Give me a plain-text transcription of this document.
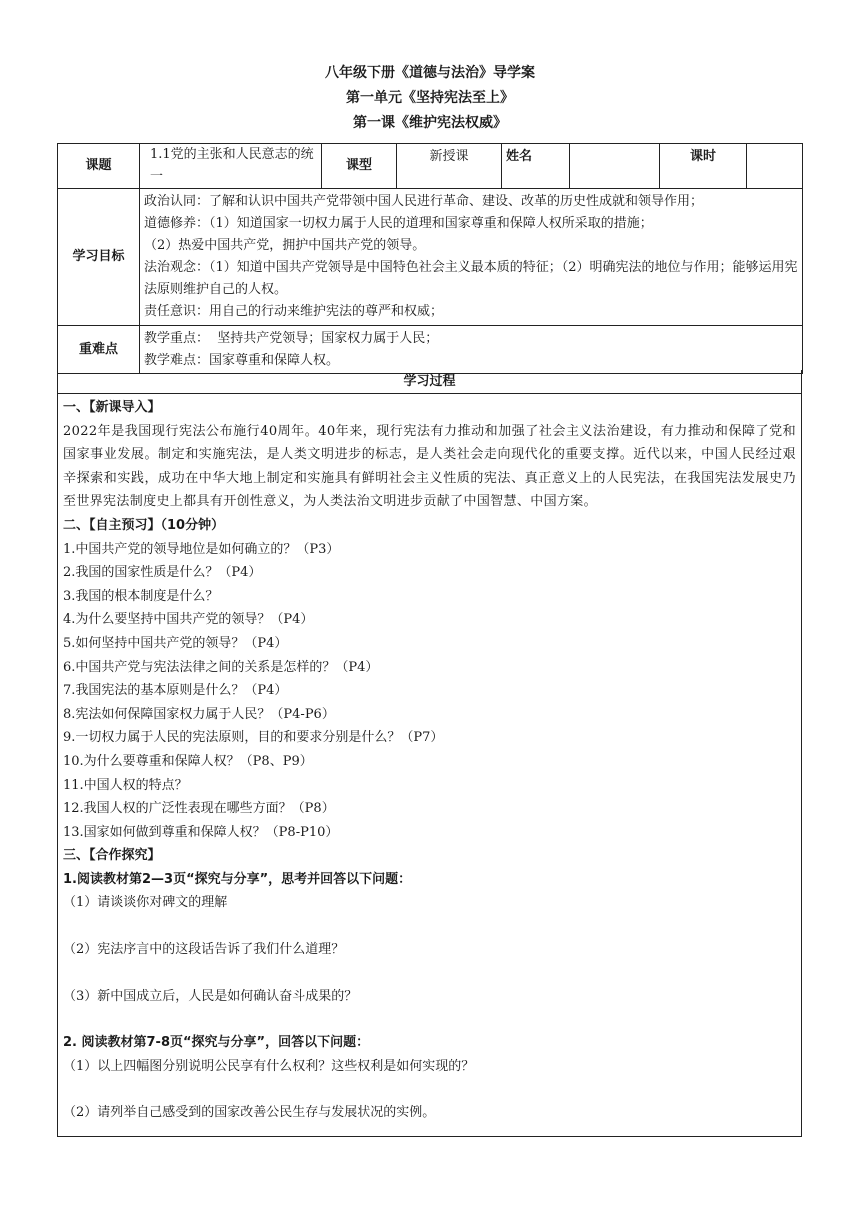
八年级下册《道德与法治》导学案
第一单元《坚持宪法至上》
第一课《维护宪法权威》
课题	1.1党的主张和人民意志的统一	课型	新授课	姓名		课时	
学习目标	政治认同：了解和认识中国共产党带领中国人民进行革命、建设、改革的历史性成就和领导作用；
道德修养：（1）知道国家一切权力属于人民的道理和国家尊重和保障人权所采取的措施；
（2）热爱中国共产党，拥护中国共产党的领导。
法治观念：（1）知道中国共产党领导是中国特色社会主义最本质的特征；（2）明确宪法的地位与作用；能够运用宪法原则维护自己的人权。
责任意识：用自己的行动来维护宪法的尊严和权威；						

重难点	教学重点：  坚持共产党领导；国家权力属于人民；
教学难点：国家尊重和保障人权。						
学习过程
一、【新课导入】
2022年是我国现行宪法公布施行40周年。40年来，现行宪法有力推动和加强了社会主义法治建设，有力推动和保障了党和国家事业发展。制定和实施宪法，是人类文明进步的标志，是人类社会走向现代化的重要支撑。近代以来，中国人民经过艰辛探索和实践，成功在中华大地上制定和实施具有鲜明社会主义性质的宪法、真正意义上的人民宪法，在我国宪法发展史乃至世界宪法制度史上都具有开创性意义，为人类法治文明进步贡献了中国智慧、中国方案。
二、【自主预习】（10分钟）
1.中国共产党的领导地位是如何确立的？（P3）
2.我国的国家性质是什么？（P4）
3.我国的根本制度是什么？
4.为什么要坚持中国共产党的领导？（P4）
5.如何坚持中国共产党的领导？（P4）
6.中国共产党与宪法法律之间的关系是怎样的？（P4）
7.我国宪法的基本原则是什么？（P4）
8.宪法如何保障国家权力属于人民？（P4-P6）
9.一切权力属于人民的宪法原则，目的和要求分别是什么？（P7）
10.为什么要尊重和保障人权？（P8、P9）
11.中国人权的特点？
12.我国人权的广泛性表现在哪些方面？（P8）
13.国家如何做到尊重和保障人权？（P8-P10）
三、【合作探究】
1.阅读教材第2—3页“探究与分享”，思考并回答以下问题：
（1）请谈谈你对碑文的理解
（2）宪法序言中的这段话告诉了我们什么道理？
（3）新中国成立后，人民是如何确认奋斗成果的？
2. 阅读教材第7-8页“探究与分享”，回答以下问题：
（1）以上四幅图分别说明公民享有什么权利？这些权利是如何实现的？
（2）请列举自己感受到的国家改善公民生存与发展状况的实例。
